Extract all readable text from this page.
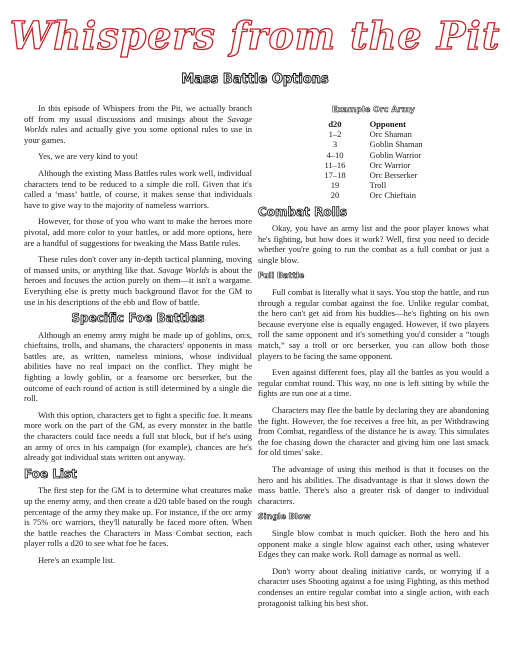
Whispers from the Pit
Mass Battle Options

In this episode of Whispers from the Pit, we actually branch off from my usual discussions and musings about the Savage Worlds rules and actually give you some optional rules to use in your games.

Yes, we are very kind to you!

Although the existing Mass Battles rules work well, individual characters tend to be reduced to a simple die roll. Given that it's called a ‘mass’ battle, of course, it makes sense that individuals have to give way to the majority of nameless warriors.

However, for those of you who want to make the heroes more pivotal, add more color to your battles, or add more options, here are a handful of suggestions for tweaking the Mass Battle rules.

These rules don't cover any in-depth tactical planning, moving of massed units, or anything like that. Savage Worlds is about the heroes and focuses the action purely on them—it isn't a wargame. Everything else is pretty much background flavor for the GM to use in his descriptions of the ebb and flow of battle.

Specific Foe Battles

Although an enemy army might be made up of goblins, orcs, chieftains, trolls, and shamans, the characters' opponents in mass battles are, as written, nameless minions, whose individual abilities have no real impact on the conflict. They might be fighting a lowly goblin, or a fearsome orc berserker, but the outcome of each round of action is still determined by a single die roll.

With this option, characters get to fight a specific foe. It means more work on the part of the GM, as every monster in the battle the characters could face needs a full stat block, but if he's using an army of orcs in his campaign (for example), chances are he's already got individual stats written out anyway.

Foe List

The first step for the GM is to determine what creatures make up the enemy army, and then create a d20 table based on the rough percentage of the army they make up. For instance, if the orc army is 75% orc warriors, they'll naturally be faced more often. When the battle reaches the Characters in Mass Combat section, each player rolls a d20 to see what foe he faces.

Here's an example list.

Example Orc Army
d20	Opponent
1–2	Orc Shaman
3	Goblin Shaman
4–10	Goblin Warrior
11–16	Orc Warrior
17–18	Orc Berserker
19	Troll
20	Orc Chieftain
Combat Rolls

Okay, you have an army list and the poor player knows what he's fighting, but how does it work? Well, first you need to decide whether you're going to run the combat as a full combat or just a single blow.

Full Battle

Full combat is literally what it says. You stop the battle, and run through a regular combat against the foe. Unlike regular combat, the hero can't get aid from his buddies—he's fighting on his own because everyone else is equally engaged. However, if two players roll the same opponent and it's something you'd consider a “tough match,” say a troll or orc berserker, you can allow both those players to be facing the same opponent.

Even against different foes, play all the battles as you would a regular combat round. This way, no one is left sitting by while the fights are run one at a time.

Characters may flee the battle by declaring they are abandoning the fight. However, the foe receives a free hit, as per Withdrawing from Combat, regardless of the distance he is away. This simulates the foe chasing down the character and giving him one last smack for old times' sake.

The advantage of using this method is that it focuses on the hero and his abilities. The disadvantage is that it slows down the mass battle. There's also a greater risk of danger to individual characters.

Single Blow

Single blow combat is much quicker. Both the hero and his opponent make a single blow against each other, using whatever Edges they can make work. Roll damage as normal as well.

Don't worry about dealing initiative cards, or worrying if a character uses Shooting against a foe using Fighting, as this method condenses an entire regular combat into a single action, with each protagonist talking his best shot.
